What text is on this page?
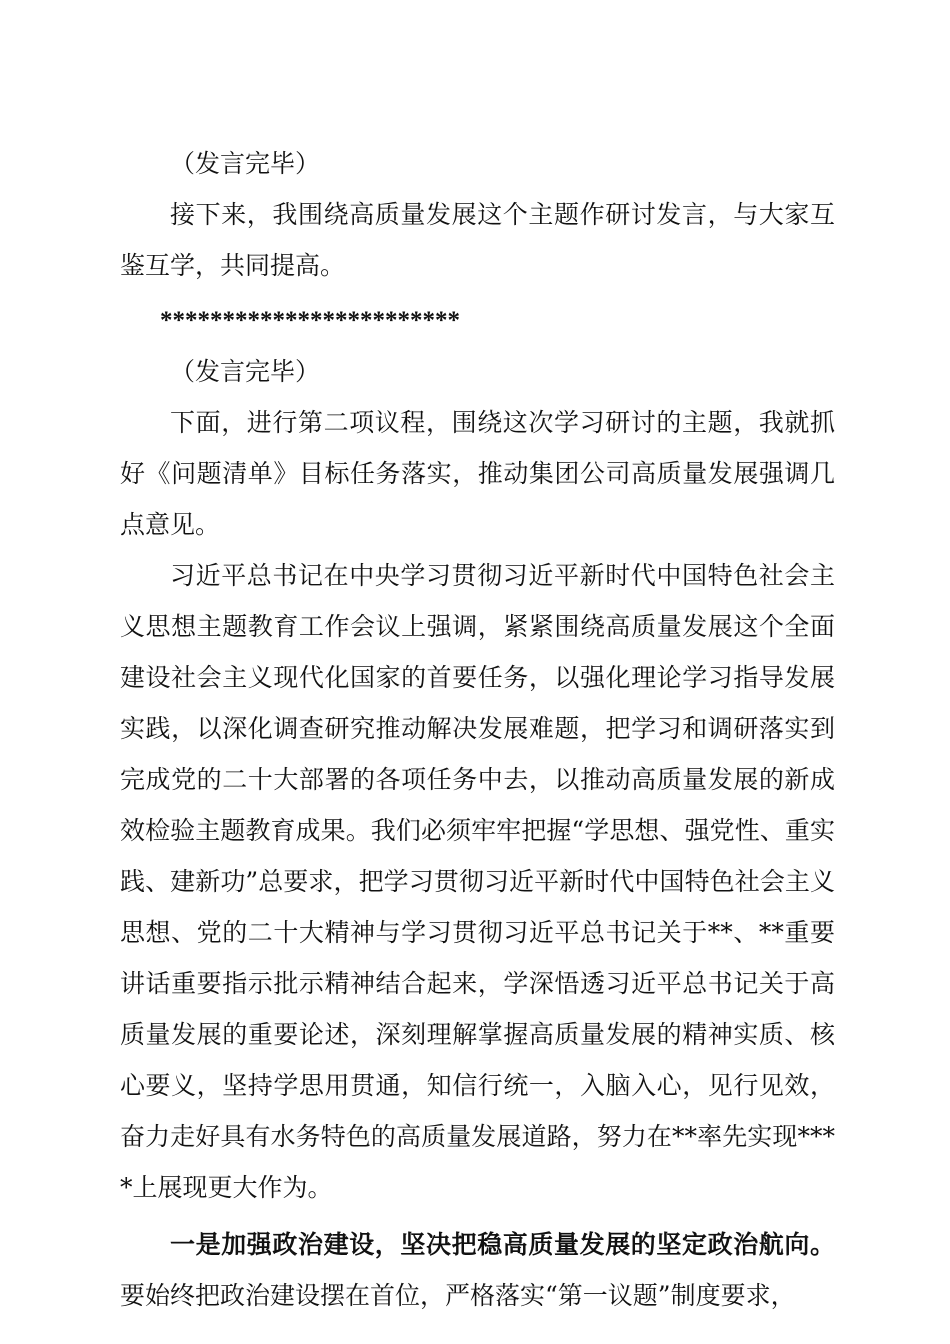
（发言完毕）

接下来，我围绕高质量发展这个主题作研讨发言，与大家互鉴互学，共同提高。

************************

（发言完毕）

下面，进行第二项议程，围绕这次学习研讨的主题，我就抓好《问题清单》目标任务落实，推动集团公司高质量发展强调几点意见。

习近平总书记在中央学习贯彻习近平新时代中国特色社会主义思想主题教育工作会议上强调，紧紧围绕高质量发展这个全面建设社会主义现代化国家的首要任务，以强化理论学习指导发展实践，以深化调查研究推动解决发展难题，把学习和调研落实到完成党的二十大部署的各项任务中去，以推动高质量发展的新成效检验主题教育成果。我们必须牢牢把握“学思想、强党性、重实践、建新功”总要求，把学习贯彻习近平新时代中国特色社会主义思想、党的二十大精神与学习贯彻习近平总书记关于**、**重要讲话重要指示批示精神结合起来，学深悟透习近平总书记关于高质量发展的重要论述，深刻理解掌握高质量发展的精神实质、核心要义，坚持学思用贯通，知信行统一，入脑入心，见行见效，奋力走好具有水务特色的高质量发展道路，努力在**率先实现****上展现更大作为。

一是加强政治建设，坚决把稳高质量发展的坚定政治航向。要始终把政治建设摆在首位，严格落实“第一议题”制度要求，
